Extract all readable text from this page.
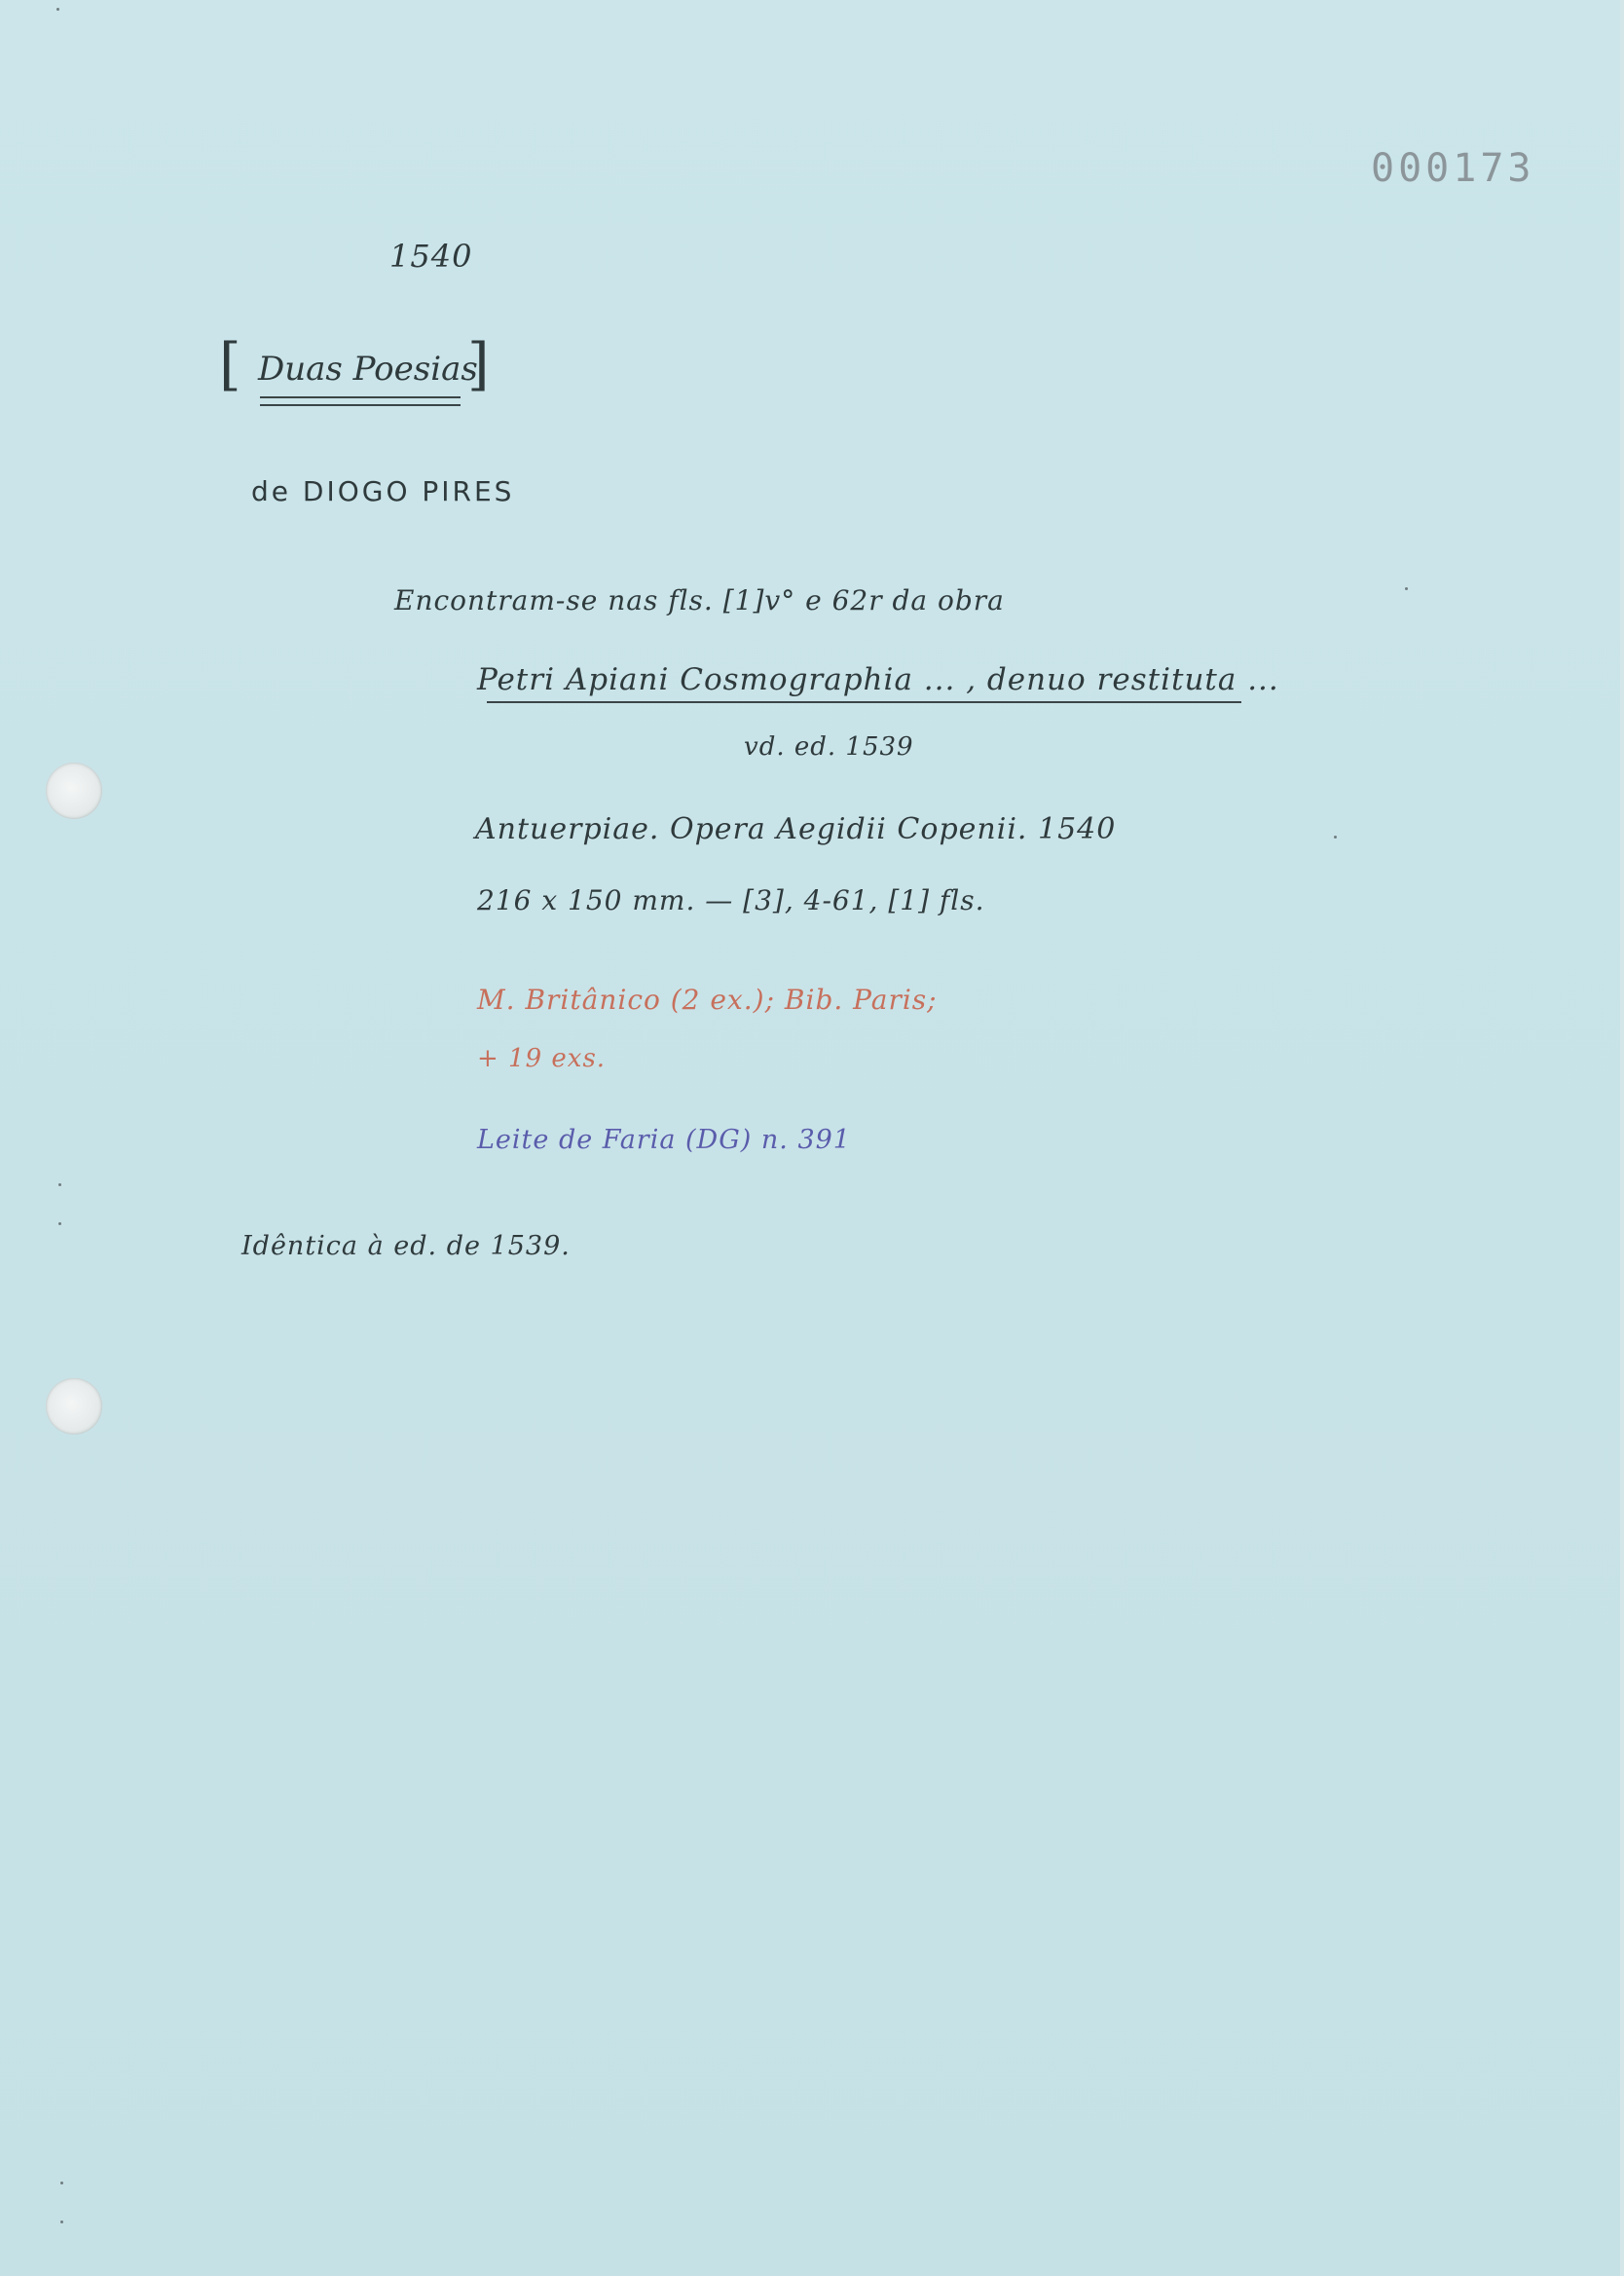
000173
1540
[ Duas Poesias
]
de DIOGO PIRES
Encontram-se nas fls. [1]v° e 62r da obra
Petri Apiani Cosmographia ... , denuo restituta ...
vd. ed. 1539
Antuerpiae. Opera Aegidii Copenii. 1540
216 x 150 mm. — [3], 4-61, [1] fls.
M. Britânico (2 ex.); Bib. Paris;
+ 19 exs.
Leite de Faria (DG) n. 391
Idêntica à ed. de 1539.
